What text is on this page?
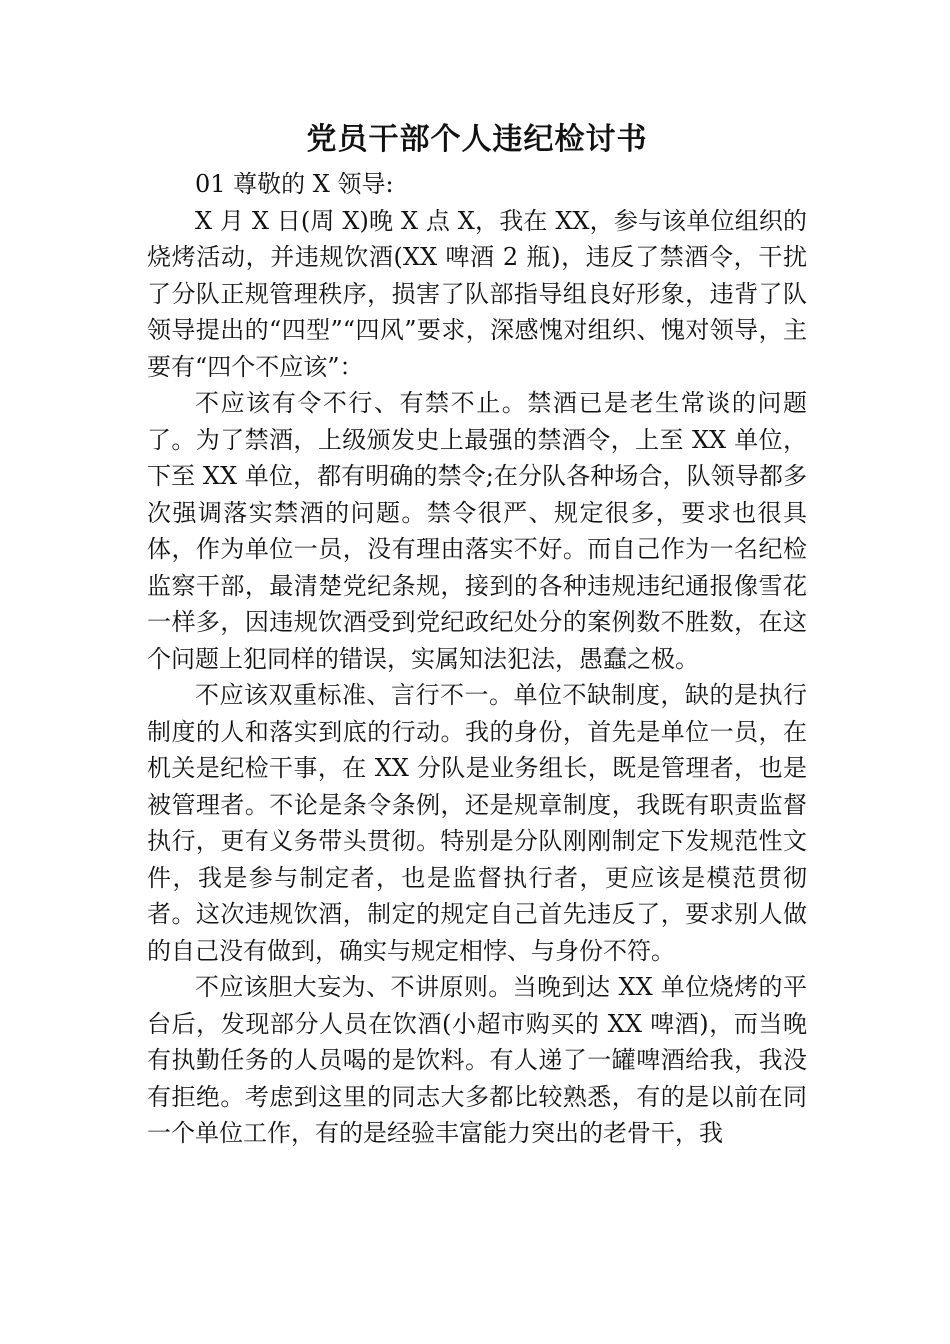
党员干部个人违纪检讨书

01 尊敬的 X 领导:

X 月 X 日(周 X)晚 X 点 X，我在 XX，参与该单位组织的烧烤活动，并违规饮酒(XX 啤酒 2 瓶)，违反了禁酒令，干扰了分队正规管理秩序，损害了队部指导组良好形象，违背了队领导提出的“四型”“四风”要求，深感愧对组织、愧对领导，主要有“四个不应该”：

不应该有令不行、有禁不止。禁酒已是老生常谈的问题了。为了禁酒，上级颁发史上最强的禁酒令，上至 XX 单位，下至 XX 单位，都有明确的禁令;在分队各种场合，队领导都多次强调落实禁酒的问题。禁令很严、规定很多，要求也很具体，作为单位一员，没有理由落实不好。而自己作为一名纪检监察干部，最清楚党纪条规，接到的各种违规违纪通报像雪花一样多，因违规饮酒受到党纪政纪处分的案例数不胜数，在这个问题上犯同样的错误，实属知法犯法，愚蠢之极。

不应该双重标准、言行不一。单位不缺制度，缺的是执行制度的人和落实到底的行动。我的身份，首先是单位一员，在机关是纪检干事，在 XX 分队是业务组长，既是管理者，也是被管理者。不论是条令条例，还是规章制度，我既有职责监督执行，更有义务带头贯彻。特别是分队刚刚制定下发规范性文件，我是参与制定者，也是监督执行者，更应该是模范贯彻者。这次违规饮酒，制定的规定自己首先违反了，要求别人做的自己没有做到，确实与规定相悖、与身份不符。

不应该胆大妄为、不讲原则。当晚到达 XX 单位烧烤的平台后，发现部分人员在饮酒(小超市购买的 XX 啤酒)，而当晚有执勤任务的人员喝的是饮料。有人递了一罐啤酒给我，我没有拒绝。考虑到这里的同志大多都比较熟悉，有的是以前在同一个单位工作，有的是经验丰富能力突出的老骨干，我
